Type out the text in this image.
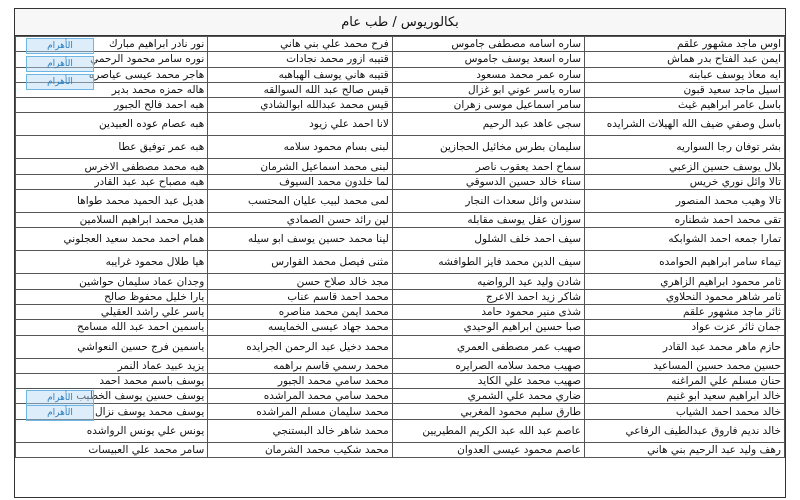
بكالوريوس / طب عام
اوس ماجد مشهور علقم	ساره اسامه مصطفى جاموس	فرح محمد علي بني هاني	نور نادر ابراهيم مبارك
ايمن عبد الفتاح بدر هماش	ساره اسعد يوسف جاموس	قتيبه ازور محمد نجادات	نوره سامر محمود الرحمي
ايه معاذ يوسف عبابنه	ساره عمر محمد مسعود	قتيبه هاني يوسف الهباهبه	هاجر محمد عيسى عياصره
اسيل ماجد سعيد قبون	ساره ياسر عوني ابو غزال	قيس صالح عبد الله السوالقه	هاله حمزه محمد بدير
باسل عامر ابراهيم غيث	سامر اسماعيل موسى زهران	قيس محمد عبدالله ابوالشادي	هبه احمد فالح الجبور
باسل وصفي ضيف الله الهيلات الشرايده	سجى عاهد عبد الرحيم	لانا احمد علي زيود	هبه عصام عوده العبيدين
بشر توفان رجا السواريه	سليمان بطرس مخائيل الحجازين	لبنى بسام محمود سلامه	هبه عمر توفيق عطا
بلال يوسف حسين الزعبي	سماح احمد يعقوب ناصر	لبنى محمد اسماعيل الشرمان	هبه محمد مصطفى الاخرس
تالا وائل نوري خريس	سناء خالد حسين الدسوقي	لما خلدون محمد السيوف	هبه مصباح عبد عبد القادر
تالا وهيب محمد المنصور	سندس وائل سعدات النجار	لمى محمد لبيب عليان المحتسب	هديل عبد الحميد محمد طواها
تقى محمد احمد شطناره	سوزان عقل يوسف مقابله	لين رائد حسن الصمادي	هديل محمد ابراهيم السلامين
تمارا جمعه احمد الشوابكه	سيف احمد خلف الشلول	لينا محمد حسين يوسف ابو سيله	همام احمد محمد سعيد العجلوني
تيماء سامر ابراهيم الحوامده	سيف الدين محمد فايز الطوافشه	مثنى فيصل محمد القوارس	هيا طلال محمود غرايبه
ثامر محمود ابراهيم الزاهري	شادن وليد عيد الرواضيه	مجد خالد صلاح حسن	وجدان عماد سليمان حواشين
ثامر شاهر محمود النحلاوي	شاكر زيد احمد الاعرج	محمد احمد قاسم عناب	يارا خليل محفوظ صالح
ثائر ماجد مشهور علقم	شذى منير محمود حامد	محمد ايمن محمد مناصره	ياسر علي راشد العقيلي
جمان ثائر عزت عواد	صبا حسين ابراهيم الوحيدي	محمد جهاد عيسى الخمايسه	ياسمين احمد عبد الله مسامح
حازم ماهر محمد عبد القادر	صهيب عمر مصطفى العمري	محمد دخيل عبد الرحمن الجرايده	ياسمين فرج حسين النعواشي
حسين محمد حسين المساعيد	صهيب محمد سلامه الصرايره	محمد رسمي قاسم براهمه	يزيد عبيد عماد النمر
حنان مسلم علي المراغنه	صهيب محمد علي الكايد	محمد سامي محمد الجبور	يوسف باسم محمد احمد
خالد ابراهيم سعيد ابو غنيم	ضاري محمد علي الشمري	محمد سامي محمد المراشده	يوسف حسين يوسف الخطيب
خالد محمد احمد الشياب	طارق سليم محمود المغربي	محمد سليمان مسلم المراشده	يوسف محمد يوسف نزال
خالد نديم فاروق عبدالطيف الرفاعي	عاصم عبد الله عبد الكريم المطيريين	محمد شاهر خالد البستنجي	يونس علي يونس الرواشده
رهف وليد عبد الرحيم بني هاني	عاصم محمود عيسى العدوان	محمد شكيب محمد الشرمان	سامر محمد علي العبيسات
الأهرام
الأهرام
الأهرام
الأهرام
الأهرام
